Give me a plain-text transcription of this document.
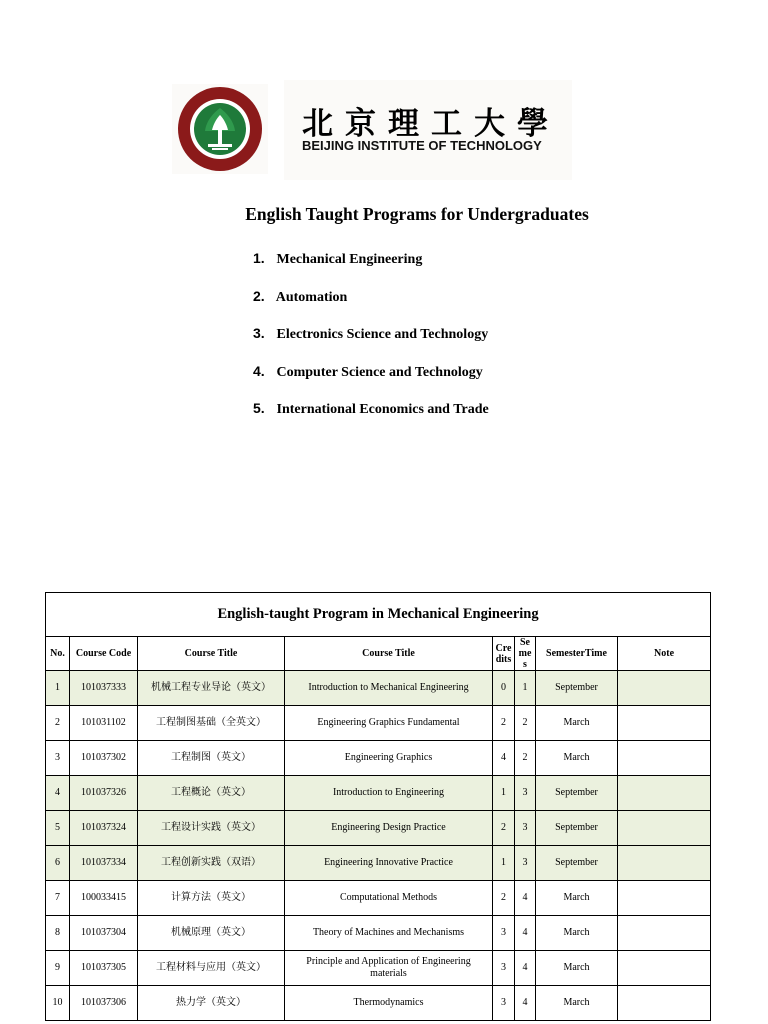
北京理工大學
BEIJING INSTITUTE OF TECHNOLOGY
English Taught Programs for Undergraduates
1. Mechanical Engineering
2. Automation
3. Electronics Science and Technology
4. Computer Science and Technology
5. International Economics and Trade
English-taught Program in Mechanical Engineering							
No.	Course Code	Course Title	Course Title	Credits	Semes	SemesterTime	Note
1	101037333	机械工程专业导论（英文）	Introduction to Mechanical Engineering	0	1	September	
2	101031102	工程制图基础（全英文）	Engineering Graphics Fundamental	2	2	March	
3	101037302	工程制图（英文）	Engineering Graphics	4	2	March	
4	101037326	工程概论（英文）	Introduction to Engineering	1	3	September	
5	101037324	工程设计实践（英文）	Engineering Design Practice	2	3	September	
6	101037334	工程创新实践（双语）	Engineering Innovative Practice	1	3	September	
7	100033415	计算方法（英文）	Computational Methods	2	4	March	
8	101037304	机械原理（英文）	Theory of Machines and Mechanisms	3	4	March	
9	101037305	工程材料与应用（英文）	Principle and Application of Engineering materials	3	4	March	
10	101037306	热力学（英文）	Thermodynamics	3	4	March	
